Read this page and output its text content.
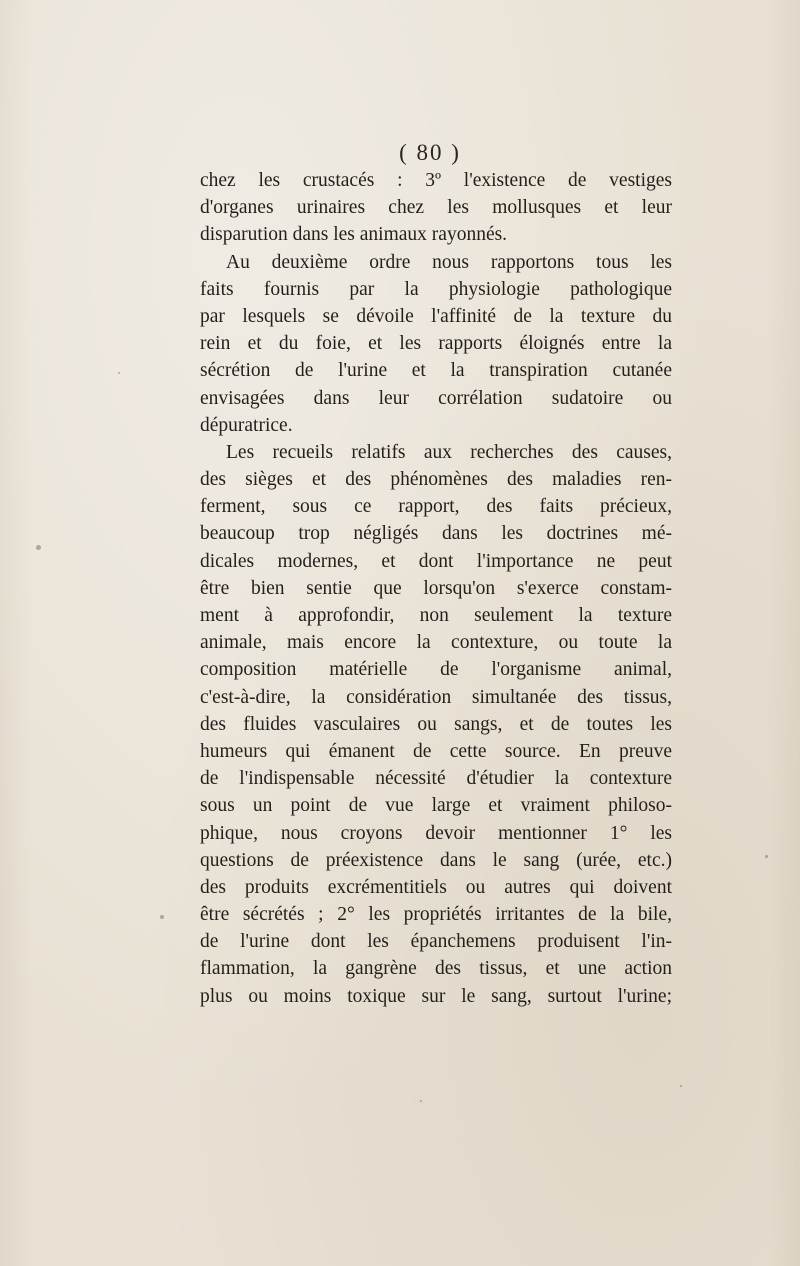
( 80 )
chez les crustacés : 3º l'existence de vestiges
d'organes urinaires chez les mollusques et leur
disparution dans les animaux rayonnés.
Au deuxième ordre nous rapportons tous les
faits fournis par la physiologie pathologique
par lesquels se dévoile l'affinité de la texture du
rein et du foie, et les rapports éloignés entre la
sécrétion de l'urine et la transpiration cutanée
envisagées dans leur corrélation sudatoire ou
dépuratrice.
Les recueils relatifs aux recherches des causes,
des sièges et des phénomènes des maladies ren-
ferment, sous ce rapport, des faits précieux,
beaucoup trop négligés dans les doctrines mé-
dicales modernes, et dont l'importance ne peut
être bien sentie que lorsqu'on s'exerce constam-
ment à approfondir, non seulement la texture
animale, mais encore la contexture, ou toute la
composition matérielle de l'organisme animal,
c'est-à-dire, la considération simultanée des tissus,
des fluides vasculaires ou sangs, et de toutes les
humeurs qui émanent de cette source. En preuve
de l'indispensable nécessité d'étudier la contexture
sous un point de vue large et vraiment philoso-
phique, nous croyons devoir mentionner 1° les
questions de préexistence dans le sang (urée, etc.)
des produits excrémentitiels ou autres qui doivent
être sécrétés ; 2° les propriétés irritantes de la bile,
de l'urine dont les épanchemens produisent l'in-
flammation, la gangrène des tissus, et une action
plus ou moins toxique sur le sang, surtout l'urine;
